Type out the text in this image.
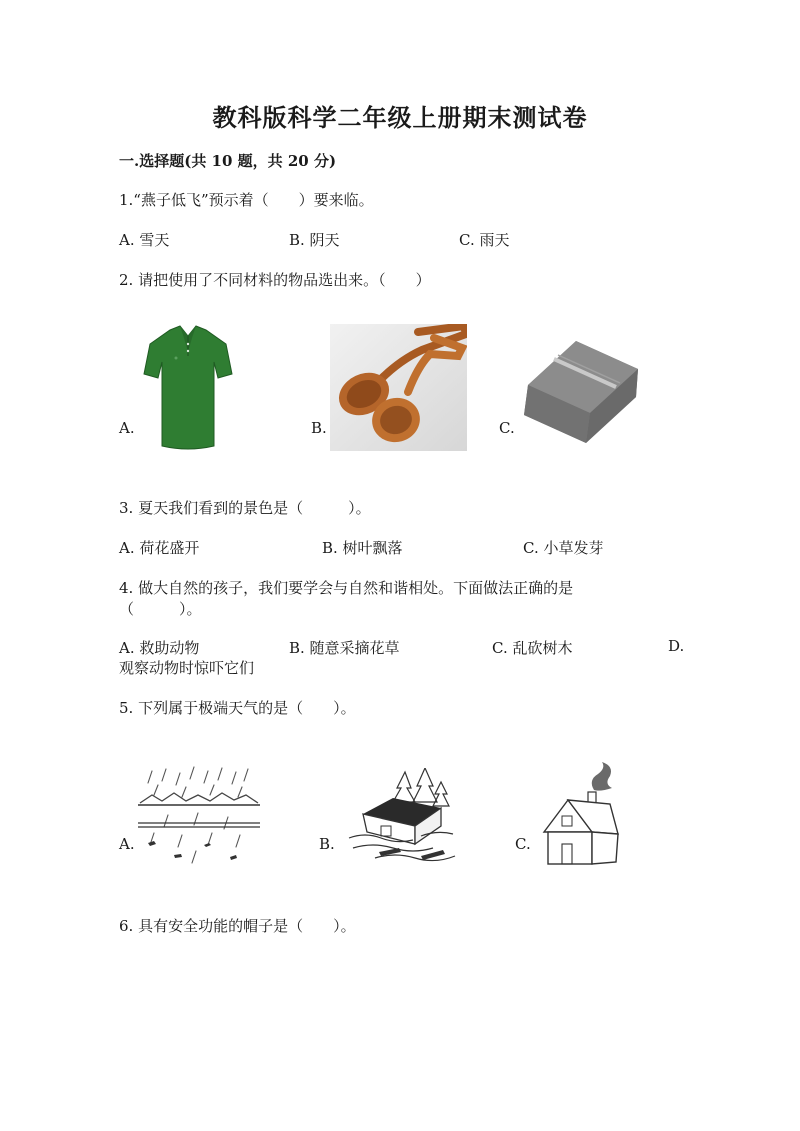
教科版科学二年级上册期末测试卷
一.选择题(共 10 题，共 20 分)
1.“燕子低飞”预示着（　　）要来临。
A. 雪天	B. 阴天	C. 雨天
2. 请把使用了不同材料的物品选出来。（　　）
A.	B.	C.
3. 夏天我们看到的景色是（　　　）。
A. 荷花盛开	B. 树叶飘落	C. 小草发芽
4. 做大自然的孩子，我们要学会与自然和谐相处。下面做法正确的是
（　　　）。
A. 救助动物	B. 随意采摘花草	C. 乱砍树木	D.
观察动物时惊吓它们
5. 下列属于极端天气的是（　　）。
A.	B.	C.
6. 具有安全功能的帽子是（　　）。
